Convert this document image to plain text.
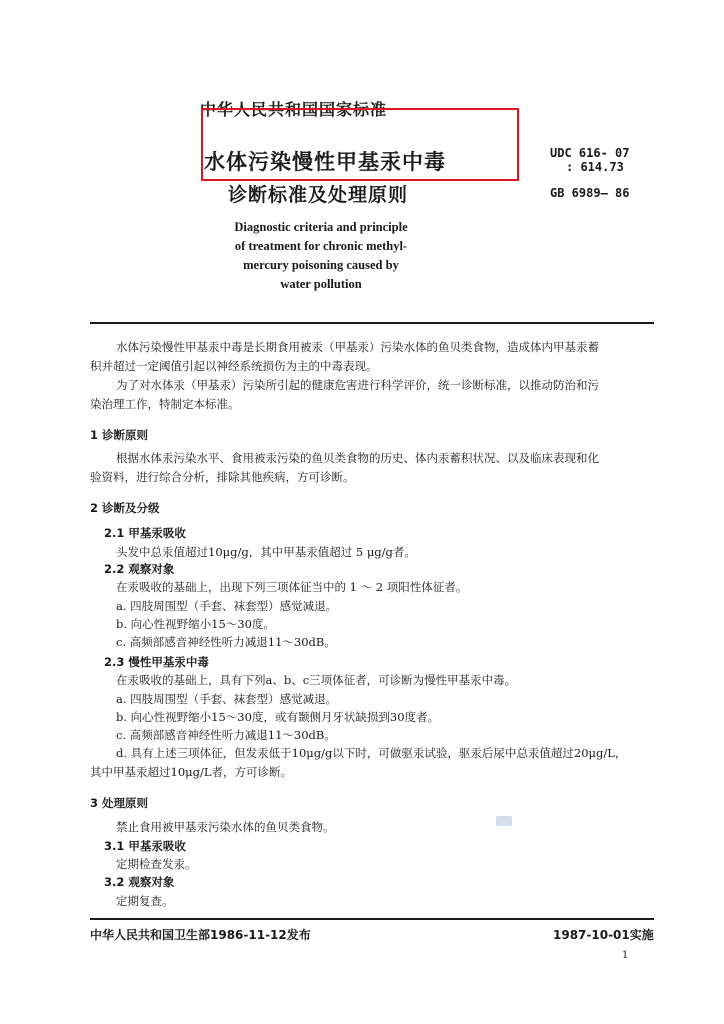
中华人民共和国国家标准
水体污染慢性甲基汞中毒
诊断标准及处理原则
UDC 616- 07
: 614.73
GB 6989— 86
Diagnostic criteria and principle
of treatment for chronic methyl-
mercury poisoning caused by
water pollution
水体污染慢性甲基汞中毒是长期食用被汞（甲基汞）污染水体的鱼贝类食物，造成体内甲基汞蓄
积并超过一定阈值引起以神经系统损伤为主的中毒表现。
为了对水体汞（甲基汞）污染所引起的健康危害进行科学评价，统一诊断标准，以推动防治和污
染治理工作，特制定本标准。
1 诊断原则
根据水体汞污染水平、食用被汞污染的鱼贝类食物的历史、体内汞蓄积状况、以及临床表现和化
验资料，进行综合分析，排除其他疾病，方可诊断。
2 诊断及分级
2.1 甲基汞吸收
头发中总汞值超过10μg/g，其中甲基汞值超过 5 μg/g者。
2.2 观察对象
在汞吸收的基础上，出现下列三项体征当中的 1 ～ 2 项阳性体征者。
a. 四肢周围型（手套、袜套型）感觉减退。
b. 向心性视野缩小15～30度。
c. 高频部感音神经性听力减退11～30dB。
2.3 慢性甲基汞中毒
在汞吸收的基础上，具有下列a、b、c三项体征者，可诊断为慢性甲基汞中毒。
a. 四肢周围型（手套、袜套型）感觉减退。
b. 向心性视野缩小15～30度，或有颞侧月牙状缺损到30度者。
c. 高频部感音神经性听力减退11～30dB。
d. 具有上述三项体征，但发汞低于10μg/g以下时，可做驱汞试验，驱汞后尿中总汞值超过20μg/L，
其中甲基汞超过10μg/L者，方可诊断。
3 处理原则
禁止食用被甲基汞污染水体的鱼贝类食物。
3.1 甲基汞吸收
定期检查发汞。
3.2 观察对象
定期复查。
中华人民共和国卫生部1986-11-12发布	1987-10-01实施
1
